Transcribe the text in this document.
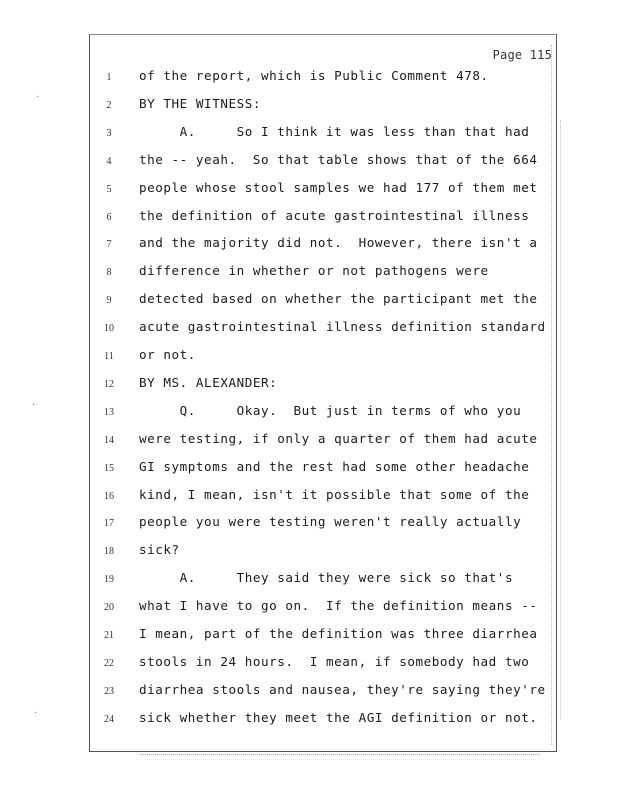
Page 115
1	of the report, which is Public Comment 478.
2	BY THE WITNESS:
3	A.     So I think it was less than that had
4	the -- yeah.  So that table shows that of the 664
5	people whose stool samples we had 177 of them met
6	the definition of acute gastrointestinal illness
7	and the majority did not.  However, there isn't a
8	difference in whether or not pathogens were
9	detected based on whether the participant met the
10	acute gastrointestinal illness definition standard
11	or not.
12	BY MS. ALEXANDER:
13	Q.     Okay.  But just in terms of who you
14	were testing, if only a quarter of them had acute
15	GI symptoms and the rest had some other headache
16	kind, I mean, isn't it possible that some of the
17	people you were testing weren't really actually
18	sick?
19	A.     They said they were sick so that's
20	what I have to go on.  If the definition means --
21	I mean, part of the definition was three diarrhea
22	stools in 24 hours.  I mean, if somebody had two
23	diarrhea stools and nausea, they're saying they're
24	sick whether they meet the AGI definition or not.
·
·
·
